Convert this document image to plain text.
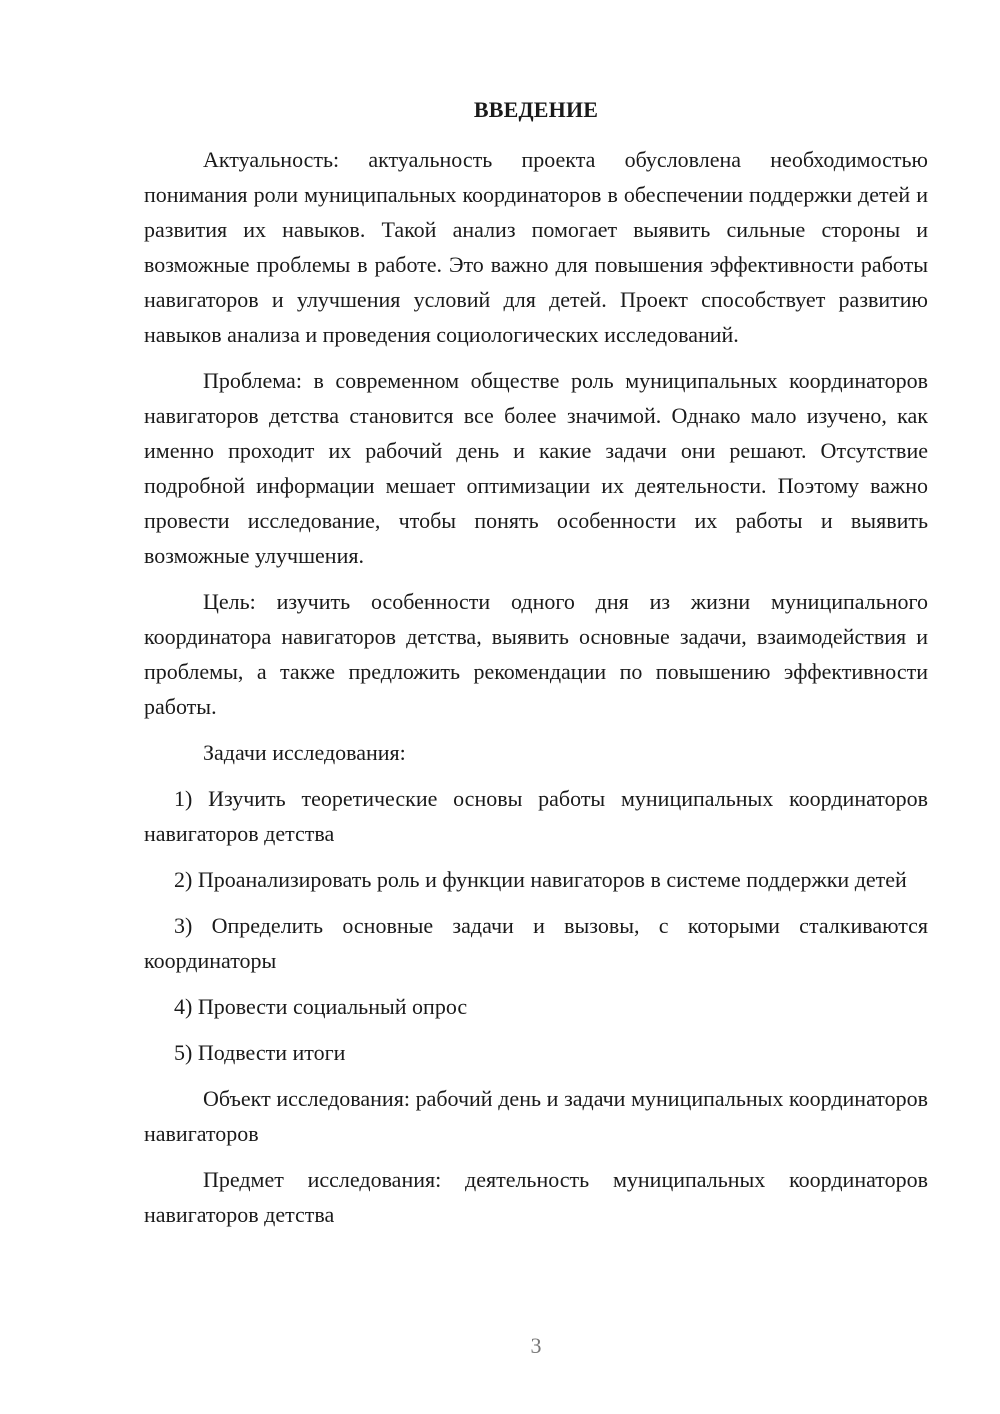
ВВЕДЕНИЕ

Актуальность: актуальность проекта обусловлена необходимостью понимания роли муниципальных координаторов в обеспечении поддержки детей и развития их навыков. Такой анализ помогает выявить сильные стороны и возможные проблемы в работе. Это важно для повышения эффективности работы навигаторов и улучшения условий для детей. Проект способствует развитию навыков анализа и проведения социологических исследований.

Проблема: в современном обществе роль муниципальных координаторов навигаторов детства становится все более значимой. Однако мало изучено, как именно проходит их рабочий день и какие задачи они решают. Отсутствие подробной информации мешает оптимизации их деятельности. Поэтому важно провести исследование, чтобы понять особенности их работы и выявить возможные улучшения.

Цель: изучить особенности одного дня из жизни муниципального координатора навигаторов детства, выявить основные задачи, взаимодействия и проблемы, а также предложить рекомендации по повышению эффективности работы.

Задачи исследования:

1) Изучить теоретические основы работы муниципальных координаторов навигаторов детства

2) Проанализировать роль и функции навигаторов в системе поддержки детей

3) Определить основные задачи и вызовы, с которыми сталкиваются координаторы

4) Провести социальный опрос

5) Подвести итоги

Объект исследования: рабочий день и задачи муниципальных координаторов навигаторов

Предмет исследования: деятельность муниципальных координаторов навигаторов детства

3
